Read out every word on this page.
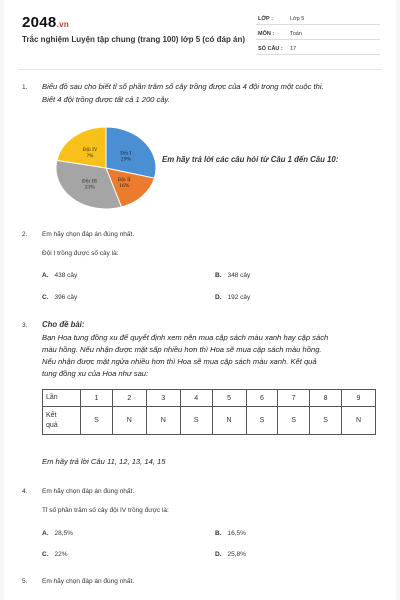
2048.vn
Trắc nghiệm Luyện tập chung (trang 100) lớp 5 (có đáp án)
LỚP :	Lớp 5
MÔN :	Toán
SỐ CÂU : 17
1. Biểu đồ sau cho biết tỉ số phần trăm số cây trồng được của 4 đội trong một cuộc thi.
Biết 4 đội trồng được tất cả 1 200 cây.
Đội I
29%
Đội II
16%
Đội III
33%
Đội IV
?%	Em hãy trả lời các câu hỏi từ Câu 1 đến Câu 10:
2. Em hãy chọn đáp án đúng nhất.
Đội I trồng được số cây là:
A. 438 cây	B. 348 cây
C. 396 cây	D. 192 cây
3. Cho đề bài:
Bạn Hoa tung đồng xu để quyết định xem nên mua cặp sách màu xanh hay cặp sách
màu hồng. Nếu nhận được mặt sấp nhiều hơn thì Hoa sẽ mua cặp sách màu hồng.
Nếu nhận được mặt ngửa nhiều hơn thì Hoa sẽ mua cặp sách màu xanh. Kết quả
tung đồng xu của Hoa như sau:
Lần	1	2	3	4	5	6	7	8	9
Kết
quả	S	N	N	S	N	S	S	S	N
Em hãy trả lời Câu 11, 12, 13, 14, 15
4. Em hãy chọn đáp án đúng nhất.
Tỉ số phần trăm số cây đội IV trồng được là:
A. 28,5%	B. 16,5%
C. 22%	D. 25,8%
5. Em hãy chọn đáp án đúng nhất.
